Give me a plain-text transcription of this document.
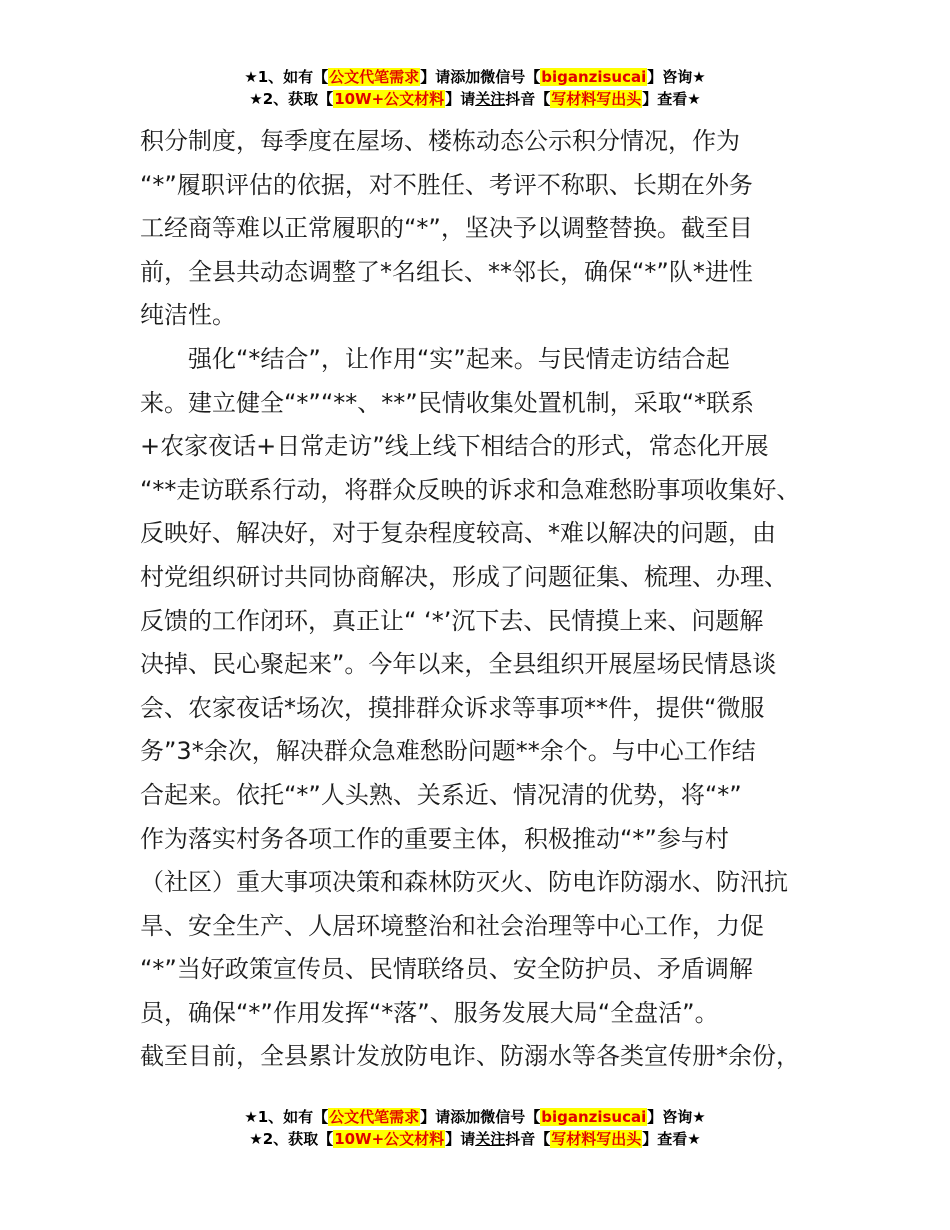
★1、如有【公文代笔需求】请添加微信号【biganzisucai】咨询★
★2、获取【10W+公文材料】请关注抖音【写材料写出头】查看★
积分制度，每季度在屋场、楼栋动态公示积分情况，作为
“*”履职评估的依据，对不胜任、考评不称职、长期在外务
工经商等难以正常履职的“*”，坚决予以调整替换。截至目
前，全县共动态调整了*名组长、**邻长，确保“*”队*进性
纯洁性。
　　强化“*结合”，让作用“实”起来。与民情走访结合起
来。建立健全“*”“**、**”民情收集处置机制，采取“*联系
+农家夜话+日常走访”线上线下相结合的形式，常态化开展
“**走访联系行动，将群众反映的诉求和急难愁盼事项收集好、
反映好、解决好，对于复杂程度较高、*难以解决的问题，由
村党组织研讨共同协商解决，形成了问题征集、梳理、办理、
反馈的工作闭环，真正让“ ‘*’沉下去、民情摸上来、问题解
决掉、民心聚起来”。今年以来，全县组织开展屋场民情恳谈
会、农家夜话*场次，摸排群众诉求等事项**件，提供“微服
务”3*余次，解决群众急难愁盼问题**余个。与中心工作结
合起来。依托“*”人头熟、关系近、情况清的优势，将“*”
作为落实村务各项工作的重要主体，积极推动“*”参与村
（社区）重大事项决策和森林防灭火、防电诈防溺水、防汛抗
旱、安全生产、人居环境整治和社会治理等中心工作，力促
“*”当好政策宣传员、民情联络员、安全防护员、矛盾调解
员，确保“*”作用发挥“*落”、服务发展大局“全盘活”。
截至目前，全县累计发放防电诈、防溺水等各类宣传册*余份，
★1、如有【公文代笔需求】请添加微信号【biganzisucai】咨询★
★2、获取【10W+公文材料】请关注抖音【写材料写出头】查看★
